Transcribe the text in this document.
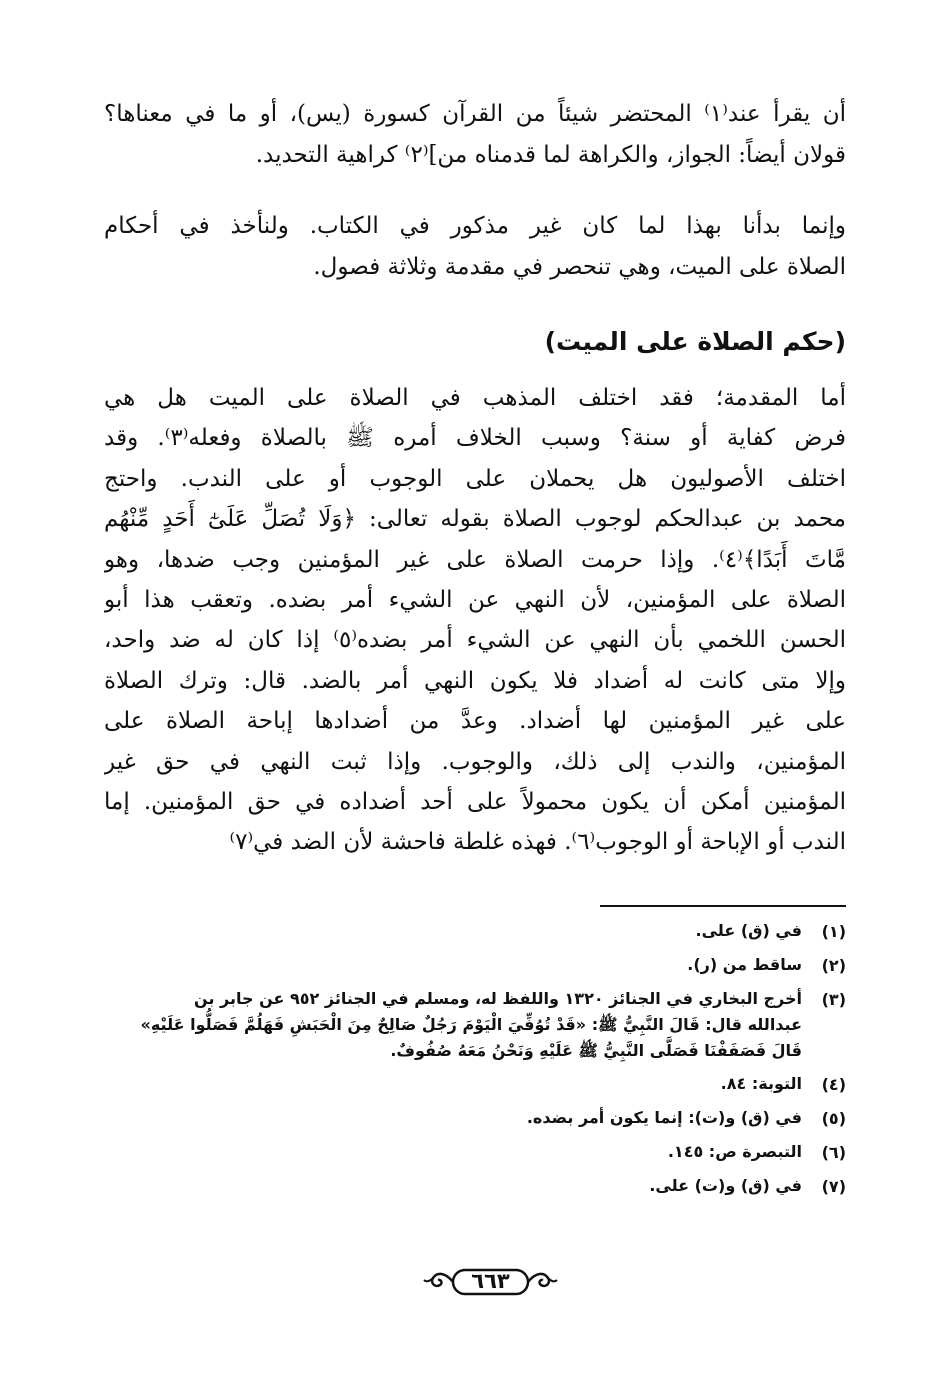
أن يقرأ عند⁽١⁾ المحتضر شيئاً من القرآن كسورة (يس)، أو ما في معناها؟
قولان أيضاً: الجواز، والكراهة لما قدمناه من]⁽٢⁾ كراهية التحديد.
وإنما بدأنا بهذا لما كان غير مذكور في الكتاب. ولنأخذ في أحكام
الصلاة على الميت، وهي تنحصر في مقدمة وثلاثة فصول.
(حكم الصلاة على الميت)
أما المقدمة؛ فقد اختلف المذهب في الصلاة على الميت هل هي
فرض كفاية أو سنة؟ وسبب الخلاف أمره ﷺ بالصلاة وفعله⁽٣⁾. وقد
اختلف الأصوليون هل يحملان على الوجوب أو على الندب. واحتج
محمد بن عبدالحكم لوجوب الصلاة بقوله تعالى: ﴿وَلَا تُصَلِّ عَلَىٰٓ أَحَدٍ مِّنْهُم
مَّاتَ أَبَدًا﴾⁽٤⁾. وإذا حرمت الصلاة على غير المؤمنين وجب ضدها، وهو
الصلاة على المؤمنين، لأن النهي عن الشيء أمر بضده. وتعقب هذا أبو
الحسن اللخمي بأن النهي عن الشيء أمر بضده⁽٥⁾ إذا كان له ضد واحد،
وإلا متى كانت له أضداد فلا يكون النهي أمر بالضد. قال: وترك الصلاة
على غير المؤمنين لها أضداد. وعدَّ من أضدادها إباحة الصلاة على
المؤمنين، والندب إلى ذلك، والوجوب. وإذا ثبت النهي في حق غير
المؤمنين أمكن أن يكون محمولاً على أحد أضداده في حق المؤمنين. إما
الندب أو الإباحة أو الوجوب⁽٦⁾. فهذه غلطة فاحشة لأن الضد في⁽٧⁾
(١)
في (ق) على.
(٢)
ساقط من (ر).
(٣)
أخرج البخاري في الجنائز ١٣٢٠ واللفظ له، ومسلم في الجنائز ٩٥٢ عن جابر بن
عبدالله قال: قَالَ النَّبِيُّ ﷺ: «قَدْ تُوُفِّيَ الْيَوْمَ رَجُلٌ صَالِحٌ مِنَ الْحَبَشِ فَهَلُمَّ فَصَلُّوا عَلَيْهِ»
قَالَ فَصَفَفْنَا فَصَلَّى النَّبِيُّ ﷺ عَلَيْهِ وَنَحْنُ مَعَهُ صُفُوفٌ.
(٤)
التوبة: ٨٤.
(٥)
في (ق) و(ت): إنما يكون أمر بضده.
(٦)
التبصرة ص: ١٤٥.
(٧)
في (ق) و(ت) على.
٦٦٣
